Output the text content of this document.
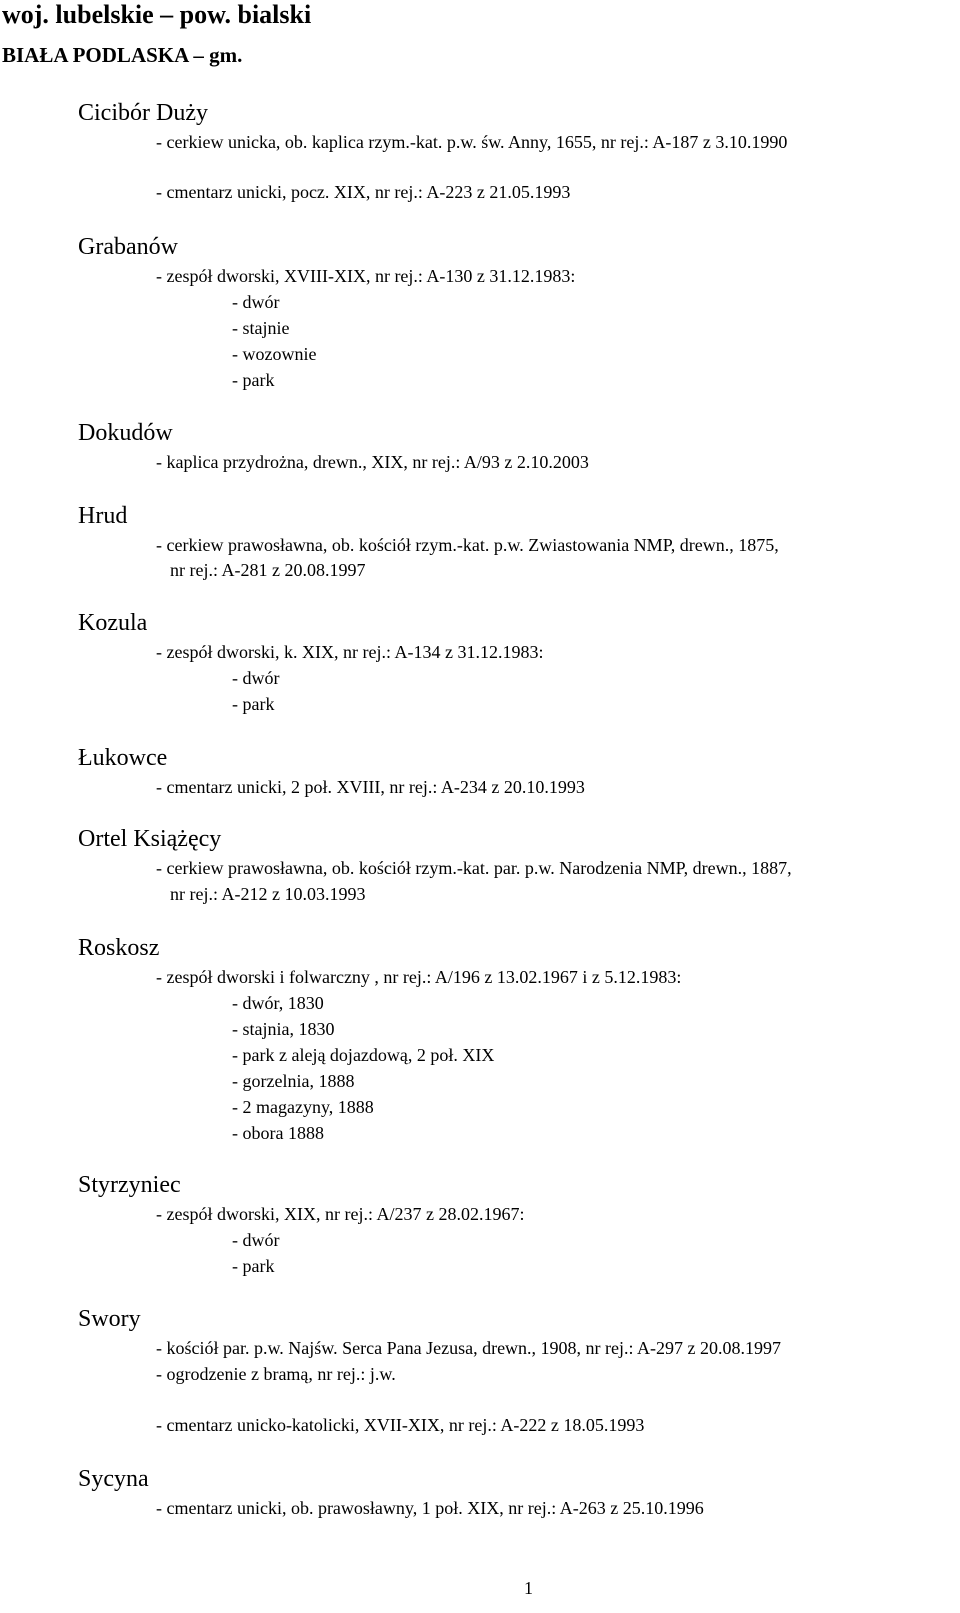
woj. lubelskie – pow. bialski
BIAŁA PODLASKA – gm.
Cicibór Duży
- cerkiew unicka, ob. kaplica rzym.-kat. p.w. św. Anny, 1655, nr rej.: A-187 z 3.10.1990
- cmentarz unicki, pocz. XIX, nr rej.: A-223 z 21.05.1993
Grabanów
- zespół dworski, XVIII-XIX, nr rej.: A-130 z 31.12.1983:
- dwór
- stajnie
- wozownie
- park
Dokudów
- kaplica przydrożna, drewn., XIX, nr rej.: A/93 z 2.10.2003
Hrud
- cerkiew prawosławna, ob. kościół rzym.-kat. p.w. Zwiastowania NMP, drewn., 1875,
nr rej.: A-281 z 20.08.1997
Kozula
- zespół dworski, k. XIX, nr rej.: A-134 z 31.12.1983:
- dwór
- park
Łukowce
- cmentarz unicki, 2 poł. XVIII, nr rej.: A-234 z 20.10.1993
Ortel Książęcy
- cerkiew prawosławna, ob. kościół rzym.-kat. par. p.w. Narodzenia NMP, drewn., 1887,
nr rej.: A-212 z 10.03.1993
Roskosz
- zespół dworski i folwarczny , nr rej.: A/196 z 13.02.1967 i z 5.12.1983:
- dwór, 1830
- stajnia, 1830
- park z aleją dojazdową, 2 poł. XIX
- gorzelnia, 1888
- 2 magazyny, 1888
- obora 1888
Styrzyniec
- zespół dworski, XIX, nr rej.: A/237 z 28.02.1967:
- dwór
- park
Swory
- kościół par. p.w. Najśw. Serca Pana Jezusa, drewn., 1908, nr rej.: A-297 z 20.08.1997
- ogrodzenie z bramą, nr rej.: j.w.
- cmentarz unicko-katolicki, XVII-XIX, nr rej.: A-222 z 18.05.1993
Sycyna
- cmentarz unicki, ob. prawosławny, 1 poł. XIX, nr rej.: A-263 z 25.10.1996
1
